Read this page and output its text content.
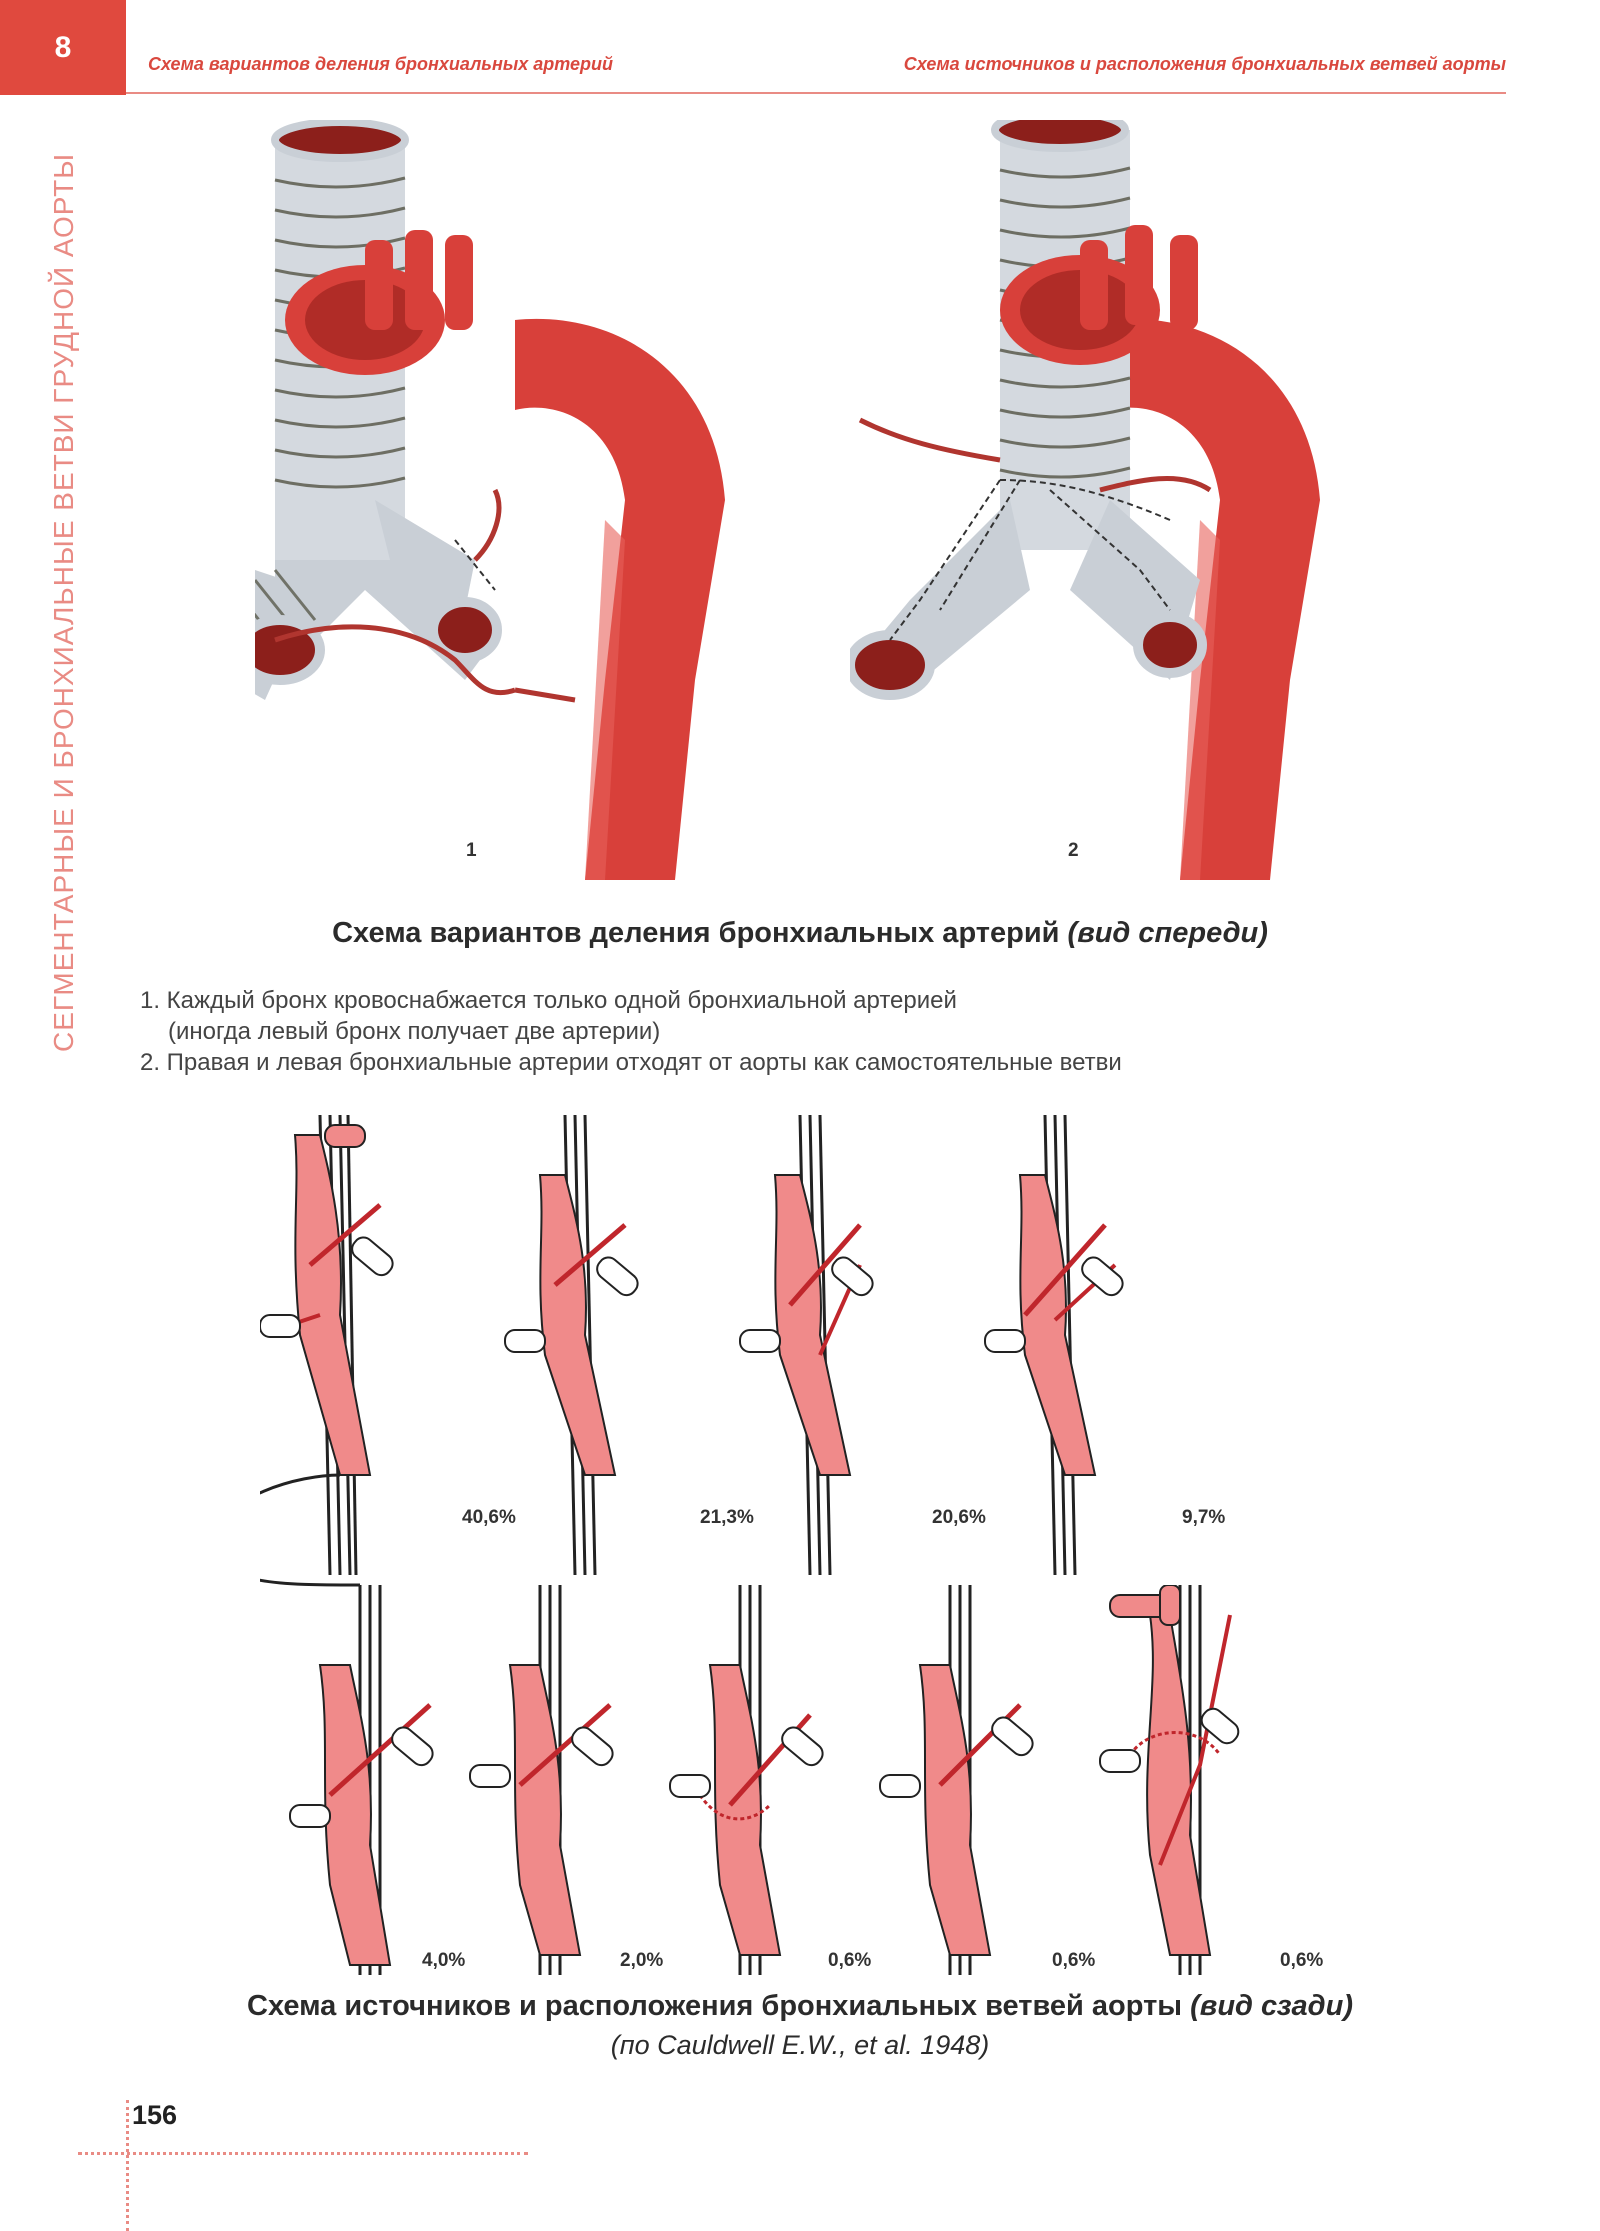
8
Схема вариантов деления бронхиальных артерий	Схема источников и расположения бронхиальных ветвей аорты
СЕГМЕНТАРНЫЕ И БРОНХИАЛЬНЫЕ ВЕТВИ ГРУДНОЙ АОРТЫ	1	2
Схема вариантов деления бронхиальных артерий (вид спереди)
1. Каждый бронх кровоснабжается только одной бронхиальной артерией
(иногда левый бронх получает две артерии)
2. Правая и левая бронхиальные артерии отходят от аорты как самостоятельные ветви
40,6%	21,3%	20,6%	9,7%
4,0%	2,0%	0,6%	0,6%	0,6%
Схема источников и расположения бронхиальных ветвей аорты (вид сзади)
(по Cauldwell E.W., et al. 1948)
156
